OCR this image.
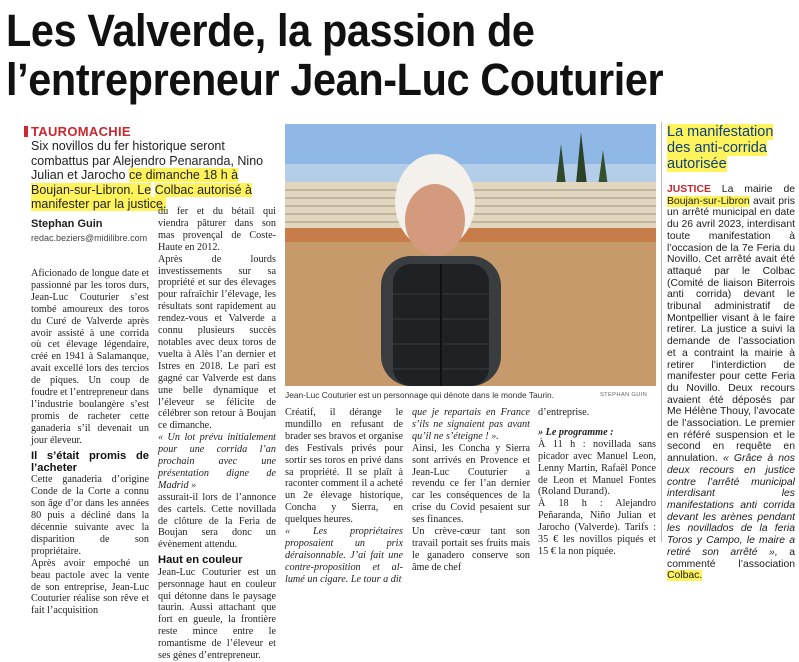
Les Valverde, la passion de
l’entrepreneur Jean-Luc Couturier
TAUROMACHIE
Six novillos du fer historique seront combattus par Alejendro Penaranda, Nino Julian et Jarocho ce dimanche 18 h à Boujan-sur-Libron. Le Colbac autorisé à manifester par la justice.
Stephan Guin
redac.beziers@midilibre.com

Aficionado de longue date et passionné par les toros durs, Jean-Luc Couturier s’est tombé amoureux des toros du Curé de Valverde après avoir assisté à une corrida où cet élevage légendaire, créé en 1941 à Salamanque, avait excellé lors des tercios de piques. Un coup de foudre et l’entrepreneur dans l’industrie boulangère s’est promis de racheter cette ganaderia s’il devenait un jour éleveur.

Il s’était promis de l’acheter

Cette ganaderia d’origine Conde de la Corte a connu son âge d’or dans les années 80 puis a décliné dans la décennie suivante avec la disparition de son propriétaire.

Après avoir empoché un beau pactole avec la vente de son entreprise, Jean-Luc Couturier réalise son rêve et fait l’acquisition

du fer et du bétail qui viendra pâturer dans son mas provençal de Coste-Haute en 2012.

Après de lourds investissements sur sa propriété et sur des élevages pour rafraîchir l’élevage, les résultats sont rapidement au rendez-vous et Valverde a connu plusieurs succès notables avec deux toros de vuelta à Alès l’an dernier et Istres en 2018. Le pari est gagné car Valverde est dans une belle dynamique et l’éleveur se félicite de célébrer son retour à Boujan ce dimanche.

« Un lot prévu initialement pour une corrida l’an prochain avec une présentation digne de Madrid »

assurait-il lors de l’annonce des cartels. Cette novillada de clôture de la Feria de Boujan sera donc un évènement attendu.

Haut en couleur

Jean-Luc Couturier est un personnage haut en couleur qui détonne dans le paysage taurin. Aussi attachant que fort en gueule, la frontière reste mince entre le romantisme de l’éleveur et ses gènes d’entrepreneur.

Jean-Luc Couturier est un personnage qui dénote dans le monde Taurin.	STEPHAN GUIN

Créatif, il dérange le mundillo en refusant de brader ses bravos et organise des Festivals privés pour sortir ses toros en privé dans sa propriété. Il se plaît à raconter comment il a acheté un 2e élevage historique, Concha y Sierra, en quelques heures.

« Les propriétaires proposaient un prix déraisonnable. J’ai fait une contre-proposition et al-lumé un cigare. Le tour a dit

que je repartais en France s’ils ne signaient pas avant qu’il ne s’éteigne ! ».

Ainsi, les Concha y Sierra sont arrivés en Provence et Jean-Luc Couturier a revendu ce fer l’an dernier car les conséquences de la crise du Covid pesaient sur ses finances.

Un crève-cœur tant son travail portait ses fruits mais le ganadero conserve son âme de chef

d’entreprise.

» Le programme :

À 11 h : novillada sans picador avec Manuel Leon, Lenny Martin, Rafaël Ponce de Leon et Manuel Fontes (Roland Durand).

À 18 h : Alejandro Peñaranda, Niño Julian et Jarocho (Valverde). Tarifs : 35 € les novillos piqués et 15 € la non piquée.

La manifestation des anti-corrida autorisée
JUSTICE La mairie de Boujan-sur-Libron avait pris un arrêté municipal en date du 26 avril 2023, interdisant toute manifestation à l’occasion de la 7e Feria du Novillo. Cet arrêté avait été attaqué par le Colbac (Comité de liaison Biterrois anti corrida) devant le tribunal administratif de Montpellier visant à le faire retirer. La justice a suivi la demande de l’association et a contraint la mairie à retirer l’interdiction de manifester pour cette Feria du Novillo. Deux recours avaient été déposés par Me Hélène Thouy, l’avocate de l’association. Le premier en référé suspension et le second en requête en annulation. « Grâce à nos deux recours en justice contre l’arrêté municipal interdisant les manifestations anti corrida devant les arènes pendant les novillados de la feria Toros y Campo, le maire a retiré son arrêté », a commenté l’association Colbac.
